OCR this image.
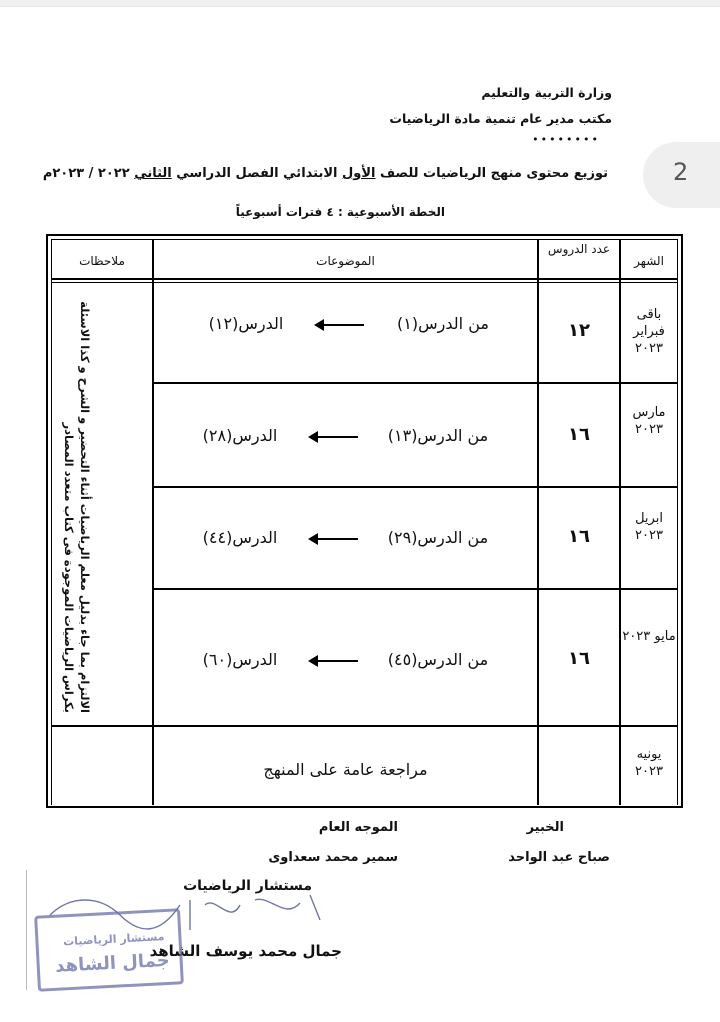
2
وزارة التربية والتعليم
مكتب مدير عام تنمية مادة الرياضيات
••••••••
توزيع محتوى منهج الرياضيات للصف الأول الابتدائي الفصل الدراسي الثاني ٢٠٢٢ / ٢٠٢٣م
الخطة الأسبوعية : ٤ فترات أسبوعياً
الشهر
عدد الدروس
الموضوعات
ملاحظات
باقى فبراير ٢٠٢٣
١٢
من الدرس(١)
الدرس(١٢)
مارس ٢٠٢٣
١٦
من الدرس(١٣)
الدرس(٢٨)
ابريل ٢٠٢٣
١٦
من الدرس(٢٩)
الدرس(٤٤)
مايو ٢٠٢٣
١٦
من الدرس(٤٥)
الدرس(٦٠)
يونيه ٢٠٢٣
مراجعة عامة على المنهج
الالتزام بما جاء بدليل معلم الرياضيات أثناء التحضير و الشرح و كذا الاسئلة بكراس الرياضيات الموجودة فى كتاب متعدد المصادر
الخبير
صباح عبد الواحد
الموجه العام
سمير محمد سعداوى
مستشار الرياضيات
جمال محمد يوسف الشاهد
مستشار الرياضيات
جمال الشاهد
